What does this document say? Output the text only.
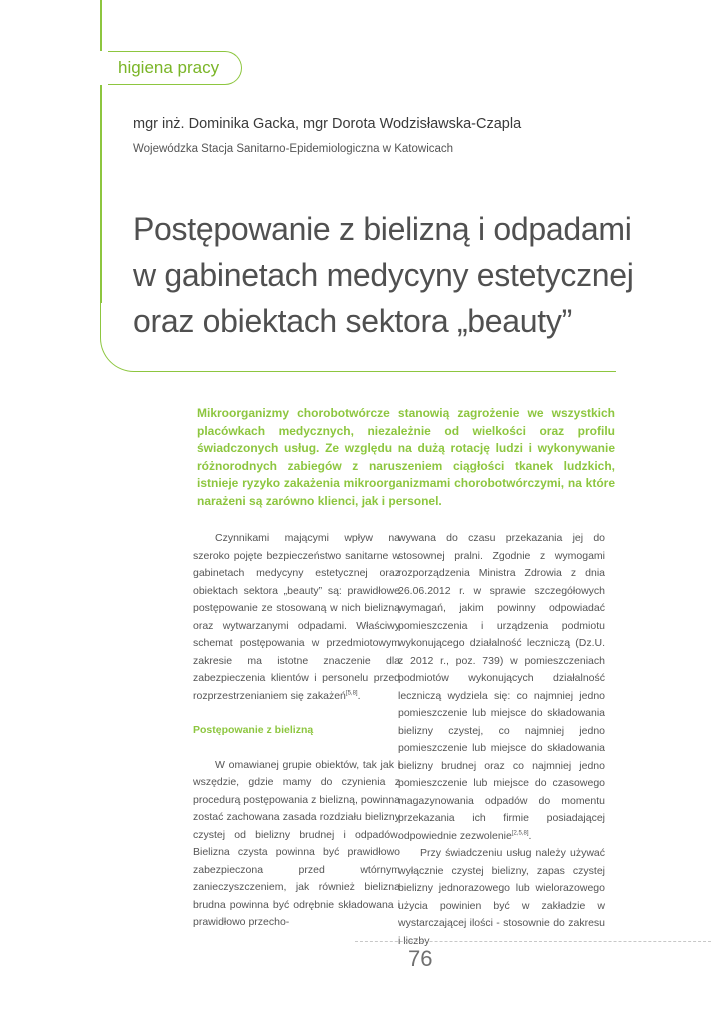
higiena pracy
mgr inż. Dominika Gacka, mgr Dorota Wodzisławska-Czapla
Wojewódzka Stacja Sanitarno-Epidemiologiczna w Katowicach
Postępowanie z bielizną i odpadami
w gabinetach medycyny estetycznej
oraz obiektach sektora „beauty”
Mikroorganizmy chorobotwórcze stanowią zagrożenie we wszystkich placówkach medycznych, niezależnie od wielkości oraz profilu świadczonych usług. Ze względu na dużą rotację ludzi i wykonywanie różnorodnych zabiegów z naruszeniem ciągłości tkanek ludzkich, istnieje ryzyko zakażenia mikroorganizmami chorobotwórczymi, na które narażeni są zarówno klienci, jak i personel.

Czynnikami mającymi wpływ na szeroko pojęte bezpieczeństwo sanitarne w gabinetach medycyny estetycznej oraz obiektach sektora „beauty” są: prawidłowe postępowanie ze stosowaną w nich bielizną oraz wytwarzanymi odpadami. Właściwy schemat postępowania w przedmiotowym zakresie ma istotne znaczenie dla zabezpieczenia klientów i personelu przed rozprzestrzenianiem się zakażeń[5,8].

Postępowanie z bielizną

W omawianej grupie obiektów, tak jak i wszędzie, gdzie mamy do czynienia z procedurą postępowania z bielizną, powinna zostać zachowana zasada rozdziału bielizny czystej od bielizny brudnej i odpadów. Bielizna czysta powinna być prawidłowo zabezpieczona przed wtórnym zanieczyszczeniem, jak również bielizna brudna powinna być odrębnie składowana i prawidłowo przecho-

wywana do czasu przekazania jej do stosownej pralni. Zgodnie z wymogami rozporządzenia Ministra Zdrowia z dnia 26.06.2012 r. w sprawie szczegółowych wymagań, jakim powinny odpowiadać pomieszczenia i urządzenia podmiotu wykonującego działalność leczniczą (Dz.U. z 2012 r., poz. 739) w pomieszczeniach podmiotów wykonujących działalność leczniczą wydziela się: co najmniej jedno pomieszczenie lub miejsce do składowania bielizny czystej, co najmniej jedno pomieszczenie lub miejsce do składowania bielizny brudnej oraz co najmniej jedno pomieszczenie lub miejsce do czasowego magazynowania odpadów do momentu przekazania ich firmie posiadającej odpowiednie zezwolenie[2,5,8].

Przy świadczeniu usług należy używać wyłącznie czystej bielizny, zapas czystej bielizny jednorazowego lub wielorazowego użycia powinien być w zakładzie w wystarczającej ilości - stosownie do zakresu i liczby

76
